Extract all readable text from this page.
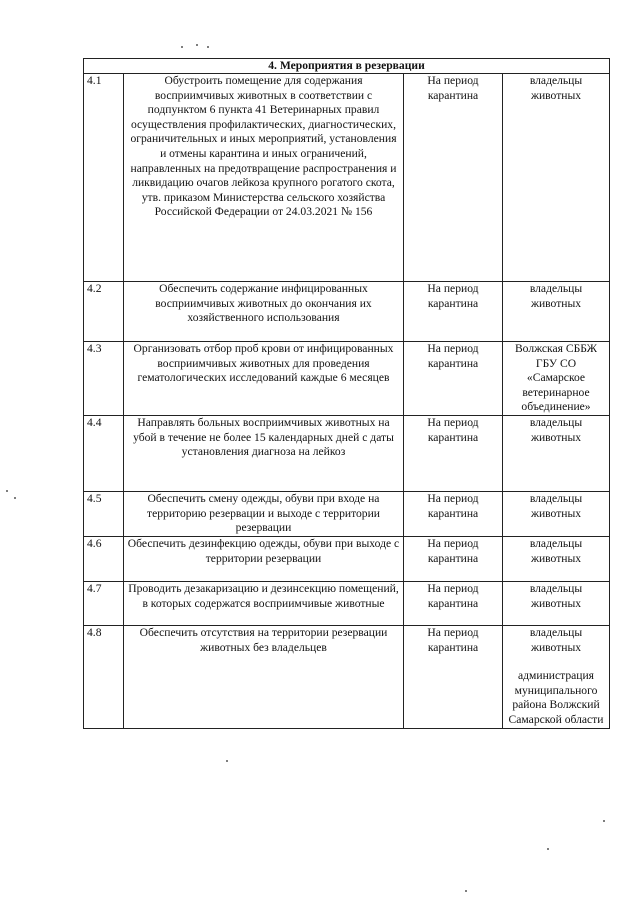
4. Мероприятия в резервации			
4.1	Обустроить помещение для содержания восприимчивых животных в соответствии с подпунктом 6 пункта 41 Ветеринарных правил осуществления профилактических, диагностических, ограничительных и иных мероприятий, установления и отмены карантина и иных ограничений, направленных на предотвращение распространения и ликвидацию очагов лейкоза крупного рогатого скота, утв. приказом Министерства сельского хозяйства Российской Федерации от 24.03.2021 № 156	На период карантина	владельцы животных
4.2	Обеспечить содержание инфицированных восприимчивых животных до окончания их хозяйственного использования	На период карантина	владельцы животных
4.3	Организовать отбор проб крови от инфицированных восприимчивых животных для проведения гематологических исследований каждые 6 месяцев	На период карантина	Волжская СББЖ ГБУ СО «Самарское ветеринарное объединение»
4.4	Направлять больных восприимчивых животных на убой в течение не более 15 календарных дней с даты установления диагноза на лейкоз	На период карантина	владельцы животных
4.5	Обеспечить смену одежды, обуви при входе на территорию резервации и выходе с территории резервации	На период карантина	владельцы животных
4.6	Обеспечить дезинфекцию одежды, обуви при выходе с территории резервации	На период карантина	владельцы животных
4.7	Проводить дезакаризацию и дезинсекцию помещений, в которых содержатся восприимчивые животные	На период карантина	владельцы животных
4.8	Обеспечить отсутствия на территории резервации животных без владельцев	На период карантина	владельцы животных
администрация муниципального района Волжский Самарской области
